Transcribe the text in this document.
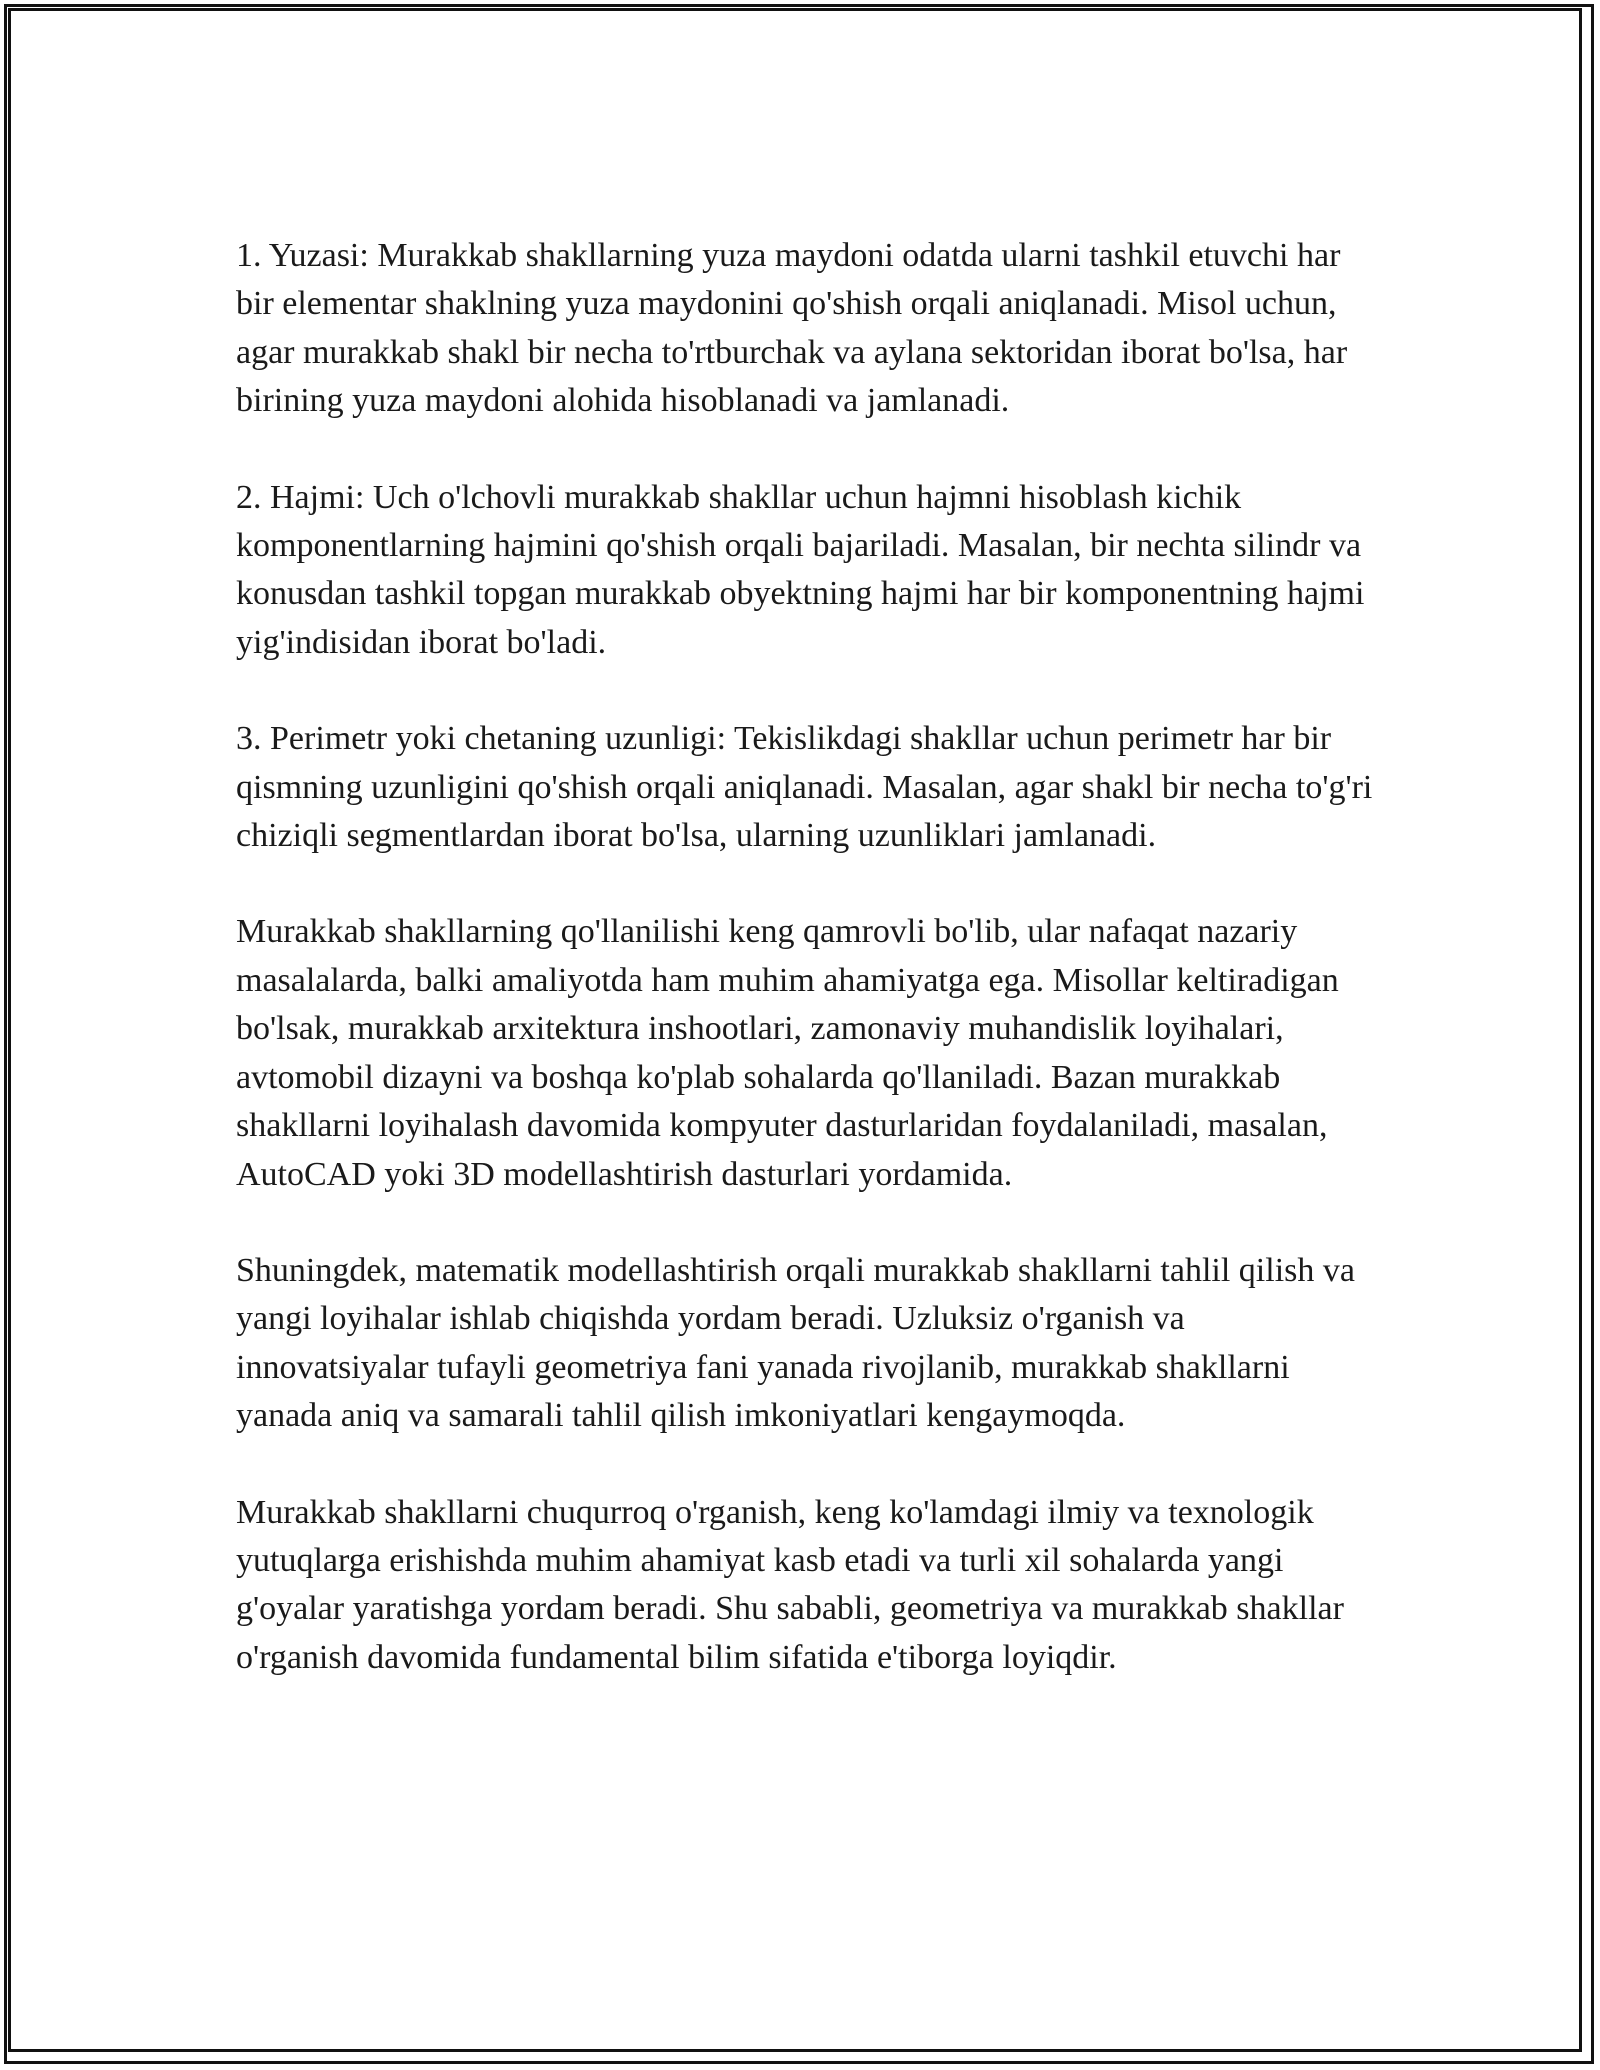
1. Yuzasi: Murakkab shakllarning yuza maydoni odatda ularni tashkil etuvchi har bir elementar shaklning yuza maydonini qo'shish orqali aniqlanadi. Misol uchun, agar murakkab shakl bir necha to'rtburchak va aylana sektoridan iborat bo'lsa, har birining yuza maydoni alohida hisoblanadi va jamlanadi.

2. Hajmi: Uch o'lchovli murakkab shakllar uchun hajmni hisoblash kichik komponentlarning hajmini qo'shish orqali bajariladi. Masalan, bir nechta silindr va konusdan tashkil topgan murakkab obyektning hajmi har bir komponentning hajmi yig'indisidan iborat bo'ladi.

3. Perimetr yoki chetaning uzunligi: Tekislikdagi shakllar uchun perimetr har bir qismning uzunligini qo'shish orqali aniqlanadi. Masalan, agar shakl bir necha to'g'ri chiziqli segmentlardan iborat bo'lsa, ularning uzunliklari jamlanadi.

Murakkab shakllarning qo'llanilishi keng qamrovli bo'lib, ular nafaqat nazariy masalalarda, balki amaliyotda ham muhim ahamiyatga ega. Misollar keltiradigan bo'lsak, murakkab arxitektura inshootlari, zamonaviy muhandislik loyihalari, avtomobil dizayni va boshqa ko'plab sohalarda qo'llaniladi. Bazan murakkab shakllarni loyihalash davomida kompyuter dasturlaridan foydalaniladi, masalan, AutoCAD yoki 3D modellashtirish dasturlari yordamida.

Shuningdek, matematik modellashtirish orqali murakkab shakllarni tahlil qilish va yangi loyihalar ishlab chiqishda yordam beradi. Uzluksiz o'rganish va innovatsiyalar tufayli geometriya fani yanada rivojlanib, murakkab shakllarni yanada aniq va samarali tahlil qilish imkoniyatlari kengaymoqda.

Murakkab shakllarni chuqurroq o'rganish, keng ko'lamdagi ilmiy va texnologik yutuqlarga erishishda muhim ahamiyat kasb etadi va turli xil sohalarda yangi g'oyalar yaratishga yordam beradi. Shu sababli, geometriya va murakkab shakllar o'rganish davomida fundamental bilim sifatida e'tiborga loyiqdir.
